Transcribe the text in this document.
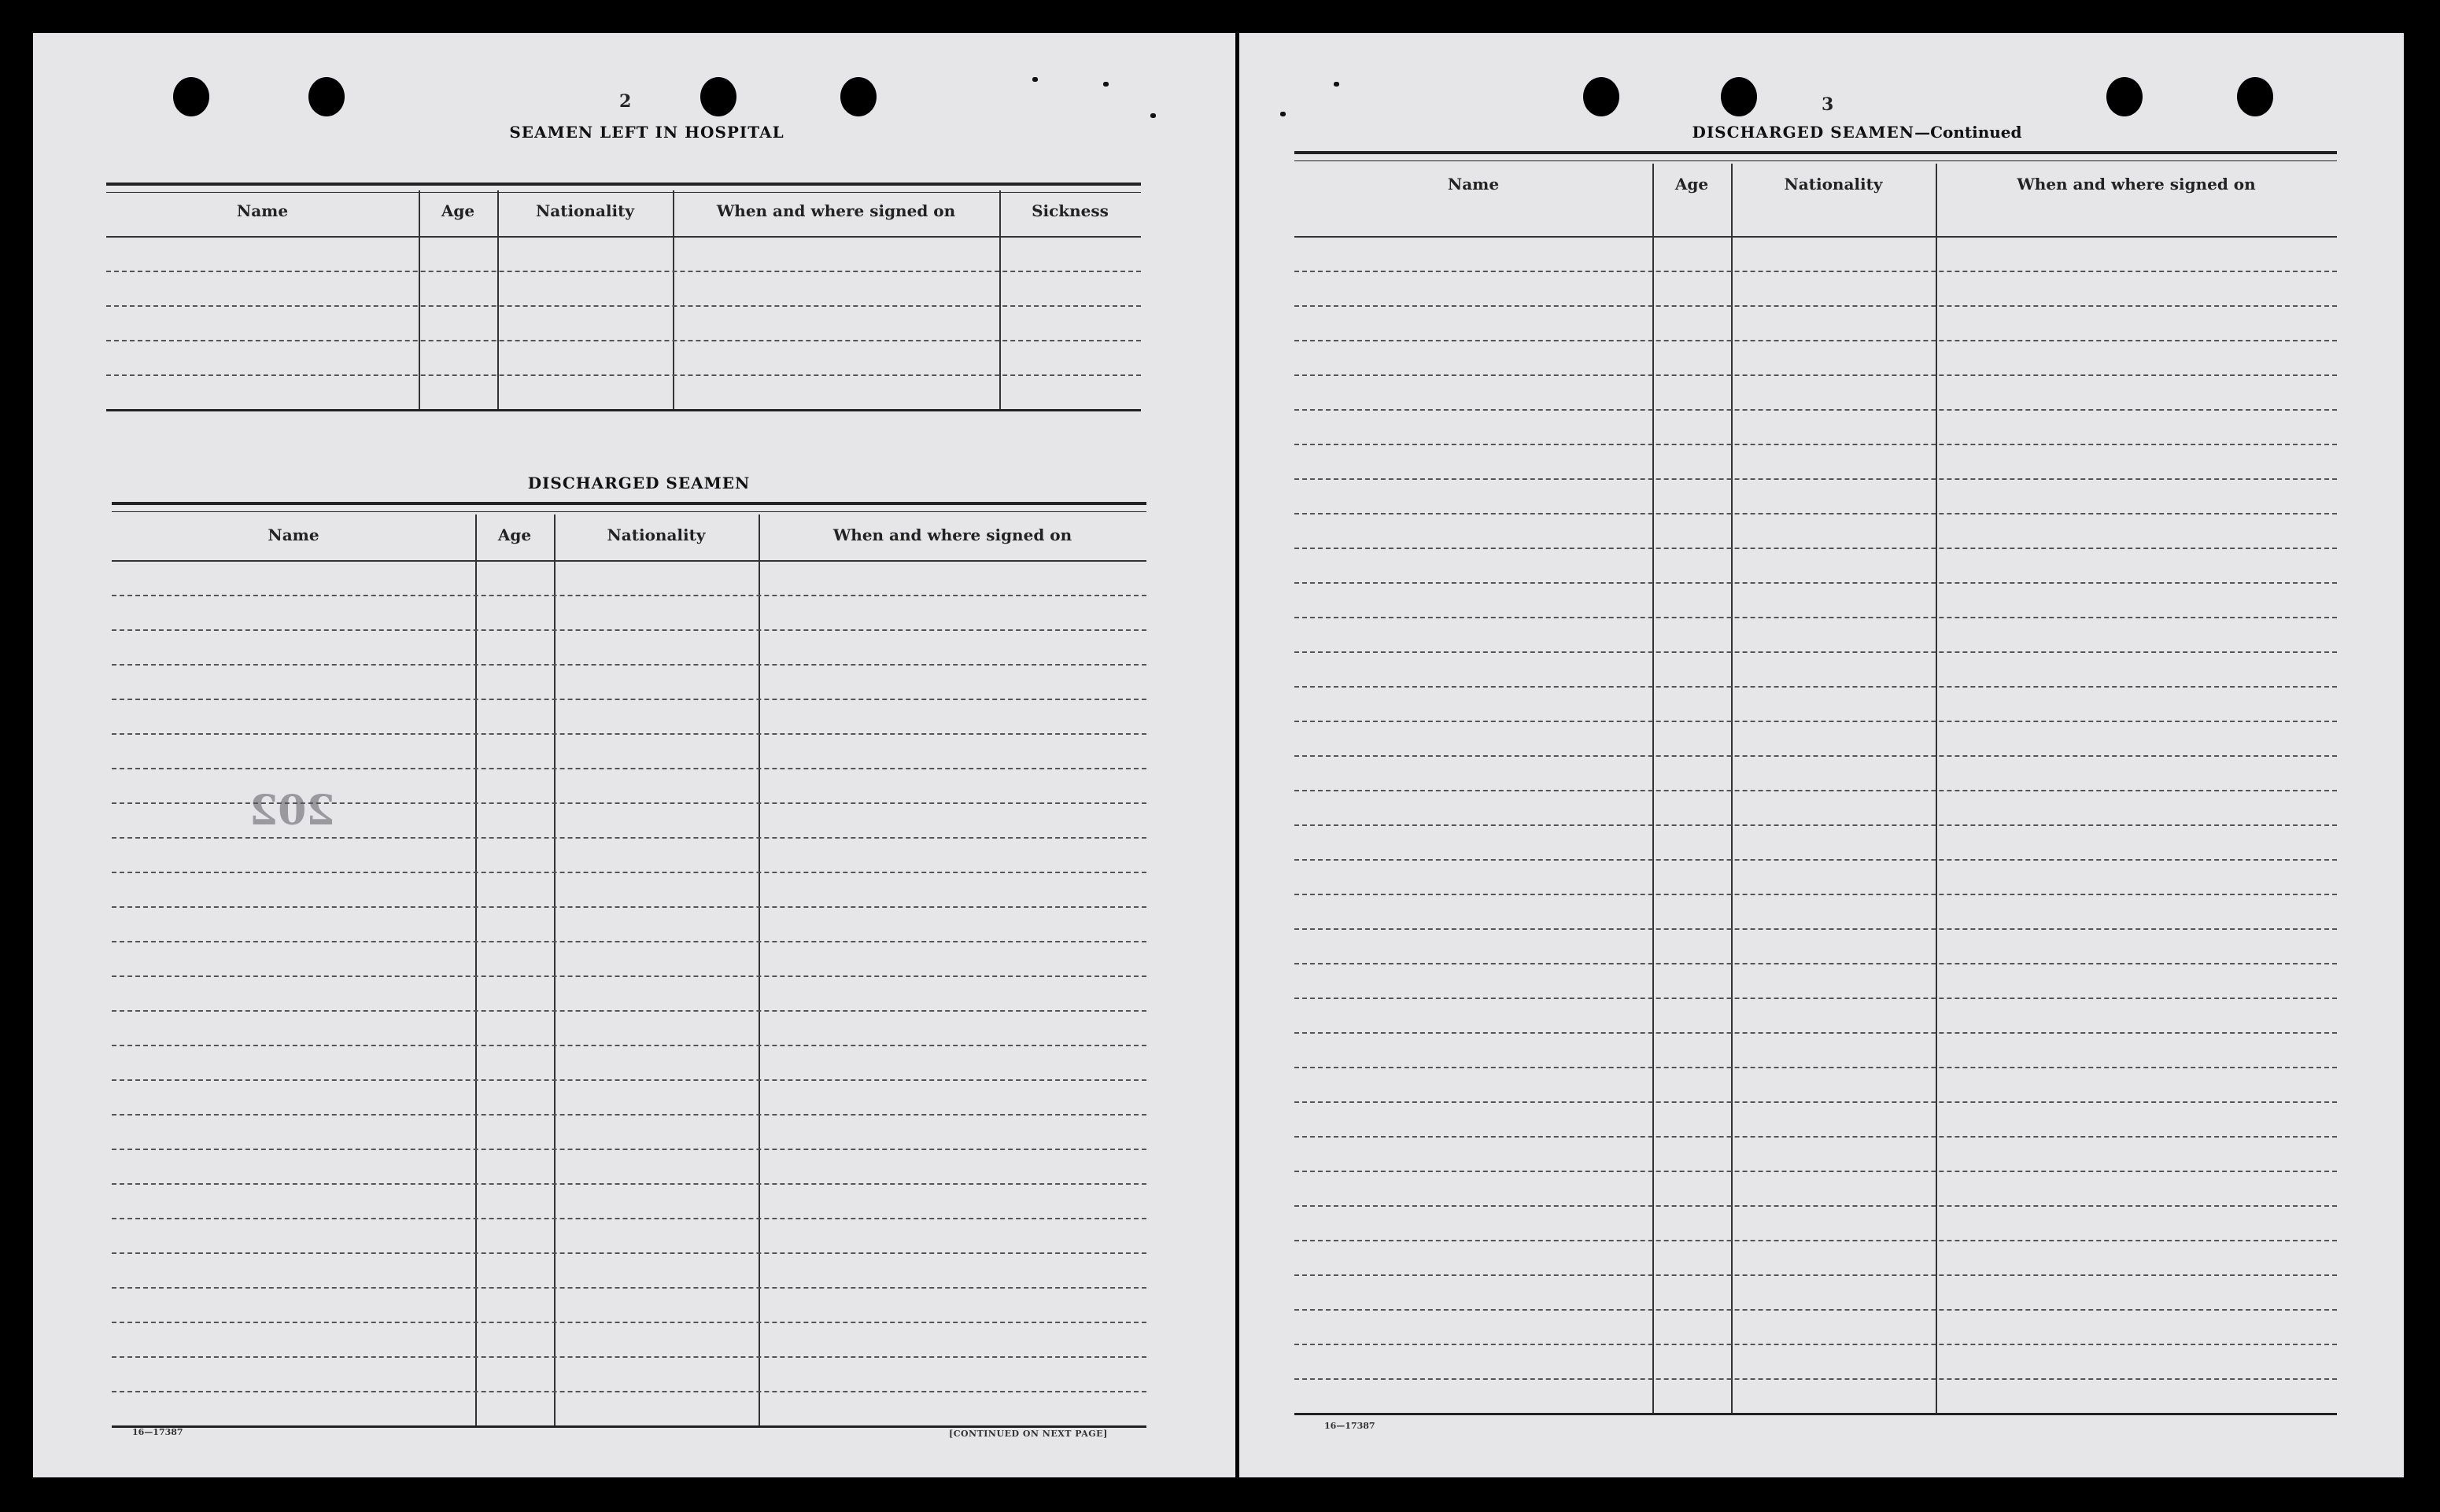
2
202
SEAMEN LEFT IN HOSPITAL
Name	Age	Nationality	When and where signed on	Sickness
DISCHARGED SEAMEN
Name	Age	Nationality	When and where signed on
16—17387	[CONTINUED ON NEXT PAGE]
3
DISCHARGED SEAMEN—Continued
Name	Age	Nationality	When and where signed on
16—17387
